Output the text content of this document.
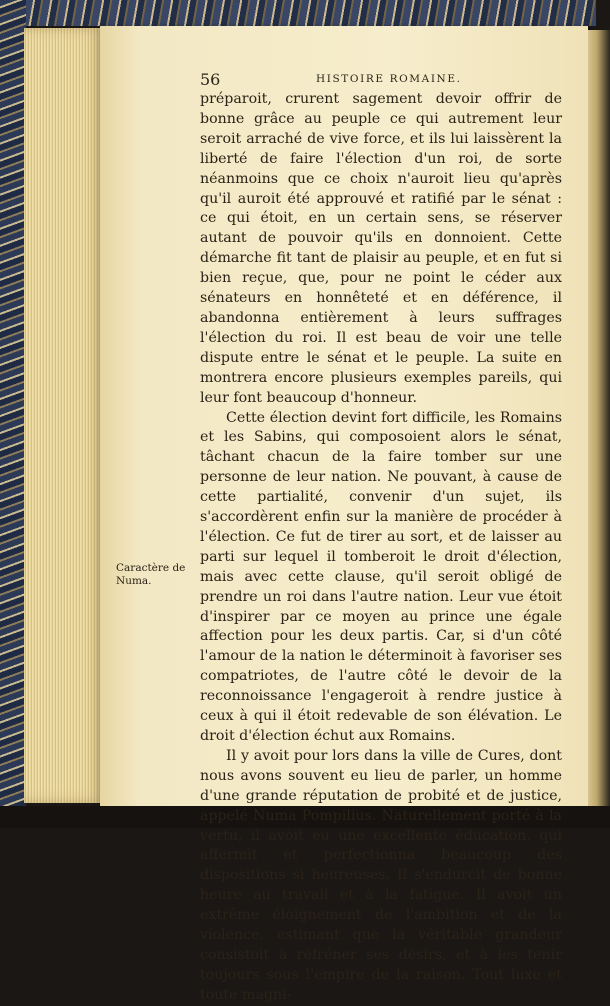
56	HISTOIRE ROMAINE.
Caractère de
Numa.

préparoit, crurent sagement devoir offrir de bonne grâce au peuple ce qui autrement leur seroit arraché de vive force, et ils lui laissèrent la liberté de faire l'élection d'un roi, de sorte néanmoins que ce choix n'auroit lieu qu'après qu'il auroit été approuvé et ratifié par le sénat : ce qui étoit, en un certain sens, se réserver autant de pouvoir qu'ils en donnoient. Cette démarche fit tant de plaisir au peuple, et en fut si bien reçue, que, pour ne point le céder aux sénateurs en honnêteté et en déférence, il abandonna entièrement à leurs suffrages l'élection du roi. Il est beau de voir une telle dispute entre le sénat et le peuple. La suite en montrera encore plusieurs exemples pareils, qui leur font beaucoup d'honneur.

Cette élection devint fort difficile, les Romains et les Sabins, qui composoient alors le sénat, tâchant chacun de la faire tomber sur une personne de leur nation. Ne pouvant, à cause de cette partialité, convenir d'un sujet, ils s'accordèrent enfin sur la manière de procéder à l'élection. Ce fut de tirer au sort, et de laisser au parti sur lequel il tomberoit le droit d'élection, mais avec cette clause, qu'il seroit obligé de prendre un roi dans l'autre nation. Leur vue étoit d'inspirer par ce moyen au prince une égale affection pour les deux partis. Car, si d'un côté l'amour de la nation le déterminoit à favoriser ses compatriotes, de l'autre côté le devoir de la reconnoissance l'engageroit à rendre justice à ceux à qui il étoit redevable de son élévation. Le droit d'élection échut aux Romains.

Il y avoit pour lors dans la ville de Cures, dont nous avons souvent eu lieu de parler, un homme d'une grande réputation de probité et de justice, appelé Numa Pompilius. Naturellement porté à la vertu, il avoit eu une excellente éducation, qui affermit et perfectionna beaucoup des dispositions si heureuses. Il s'endurcit de bonne heure au travail et à la fatigue. Il avoit un extrême éloignement de l'ambition et de la violence, estimant que la véritable grandeur consistoit à réfréner ses désirs, et à les tenir toujours sous l'empire de la raison. Tout luxe et toute magni-
